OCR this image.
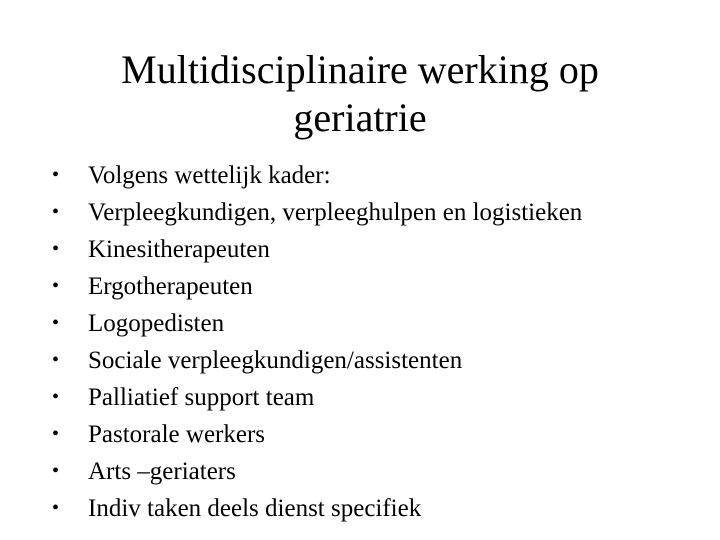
Multidisciplinaire werking op
geriatrie
•	Volgens wettelijk kader:
•	Verpleegkundigen, verpleeghulpen en logistieken
•	Kinesitherapeuten
•	Ergotherapeuten
•	Logopedisten
•	Sociale verpleegkundigen/assistenten
•	Palliatief support team
•	Pastorale werkers
•	Arts –geriaters
•	Indiv taken deels dienst specifiek
